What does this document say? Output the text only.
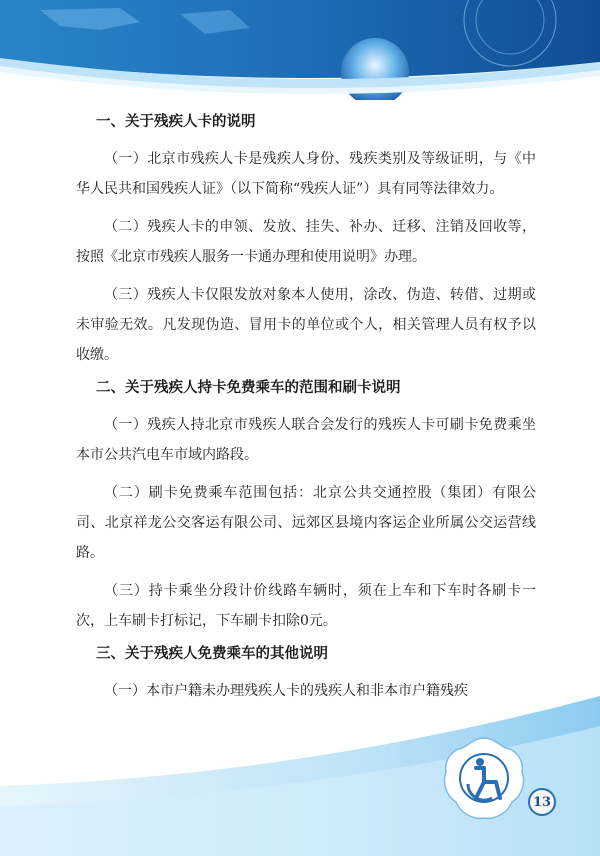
一、关于残疾人卡的说明

（一）北京市残疾人卡是残疾人身份、残疾类别及等级证明，与《中华人民共和国残疾人证》（以下简称“残疾人证”）具有同等法律效力。

（二）残疾人卡的申领、发放、挂失、补办、迁移、注销及回收等，按照《北京市残疾人服务一卡通办理和使用说明》办理。

（三）残疾人卡仅限发放对象本人使用，涂改、伪造、转借、过期或未审验无效。凡发现伪造、冒用卡的单位或个人，相关管理人员有权予以收缴。

二、关于残疾人持卡免费乘车的范围和刷卡说明

（一）残疾人持北京市残疾人联合会发行的残疾人卡可刷卡免费乘坐本市公共汽电车市域内路段。

（二）刷卡免费乘车范围包括：北京公共交通控股（集团）有限公司、北京祥龙公交客运有限公司、远郊区县境内客运企业所属公交运营线路。

（三）持卡乘坐分段计价线路车辆时，须在上车和下车时各刷卡一次，上车刷卡打标记，下车刷卡扣除0元。

三、关于残疾人免费乘车的其他说明

（一）本市户籍未办理残疾人卡的残疾人和非本市户籍残疾

13
